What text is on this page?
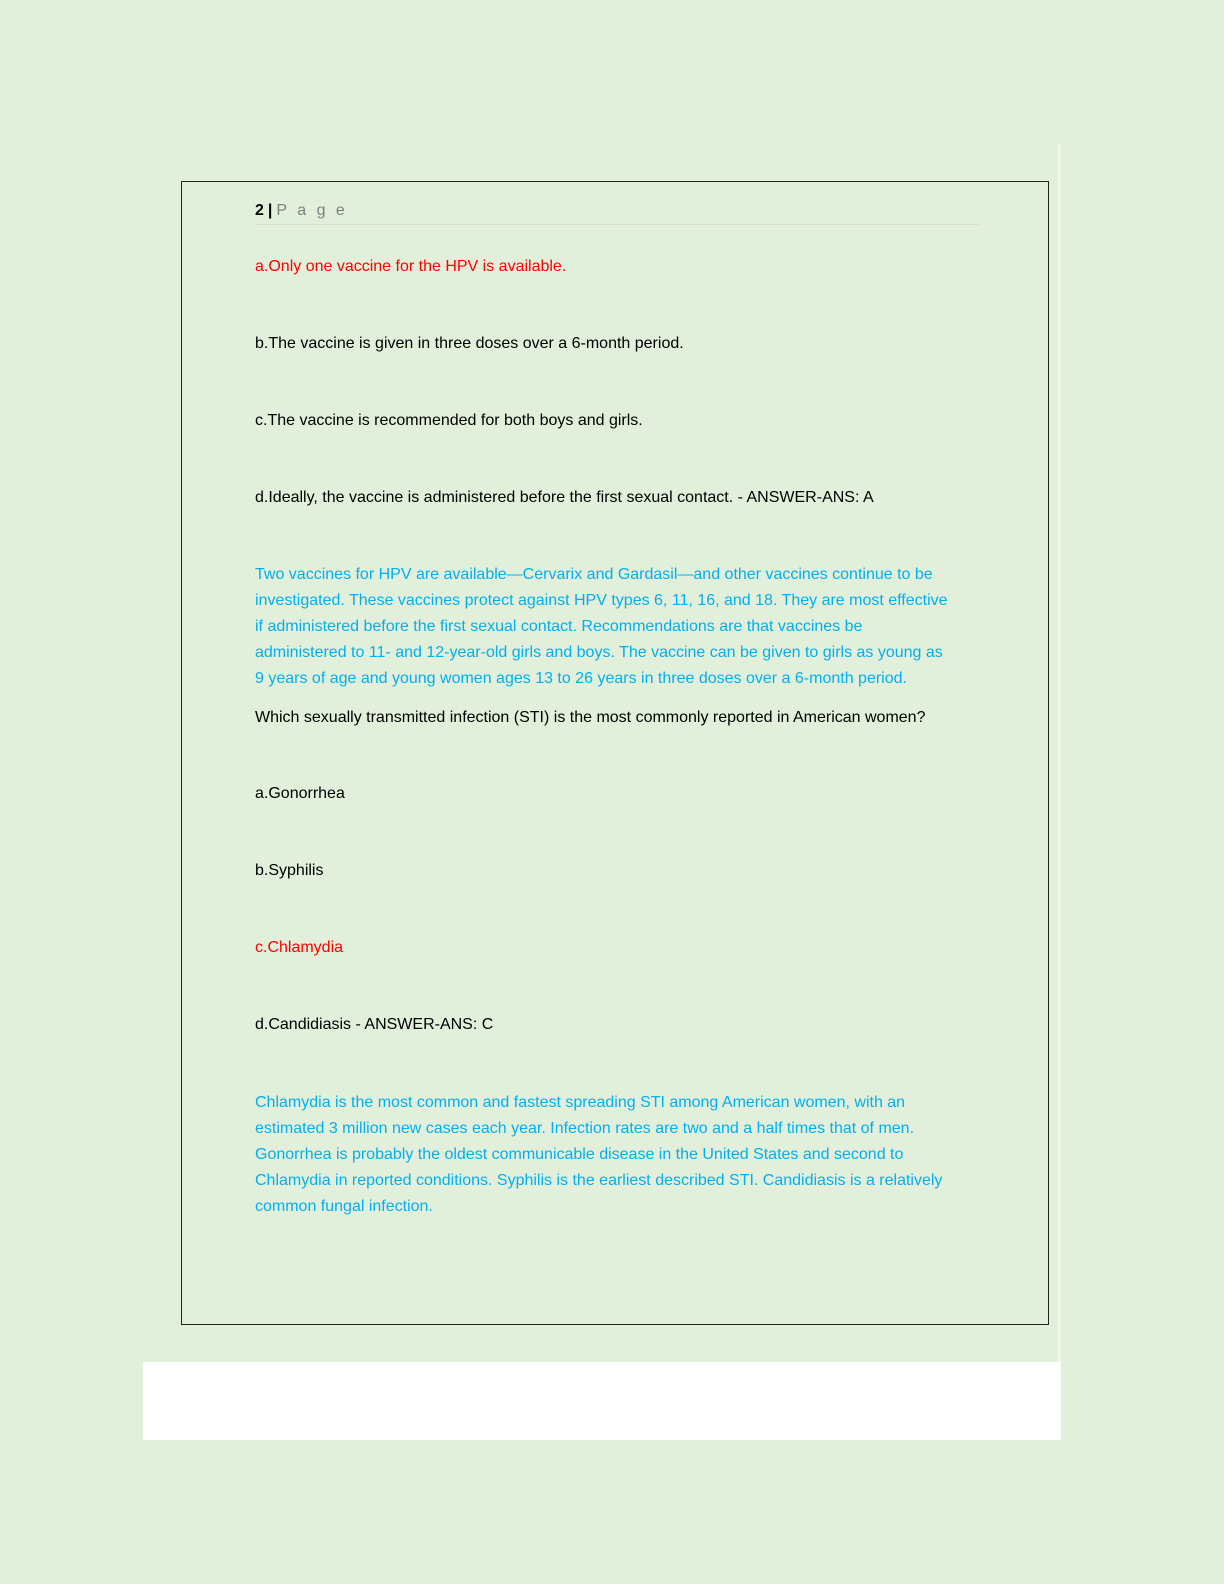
2 | P a g e
a.Only one vaccine for the HPV is available.
b.The vaccine is given in three doses over a 6-month period.
c.The vaccine is recommended for both boys and girls.
d.Ideally, the vaccine is administered before the first sexual contact. - ANSWER-ANS: A
Two vaccines for HPV are available—Cervarix and Gardasil—and other vaccines continue to be
investigated. These vaccines protect against HPV types 6, 11, 16, and 18. They are most effective
if administered before the first sexual contact. Recommendations are that vaccines be
administered to 11- and 12-year-old girls and boys. The vaccine can be given to girls as young as
9 years of age and young women ages 13 to 26 years in three doses over a 6-month period.
Which sexually transmitted infection (STI) is the most commonly reported in American women?
a.Gonorrhea
b.Syphilis
c.Chlamydia
d.Candidiasis - ANSWER-ANS: C
Chlamydia is the most common and fastest spreading STI among American women, with an
estimated 3 million new cases each year. Infection rates are two and a half times that of men.
Gonorrhea is probably the oldest communicable disease in the United States and second to
Chlamydia in reported conditions. Syphilis is the earliest described STI. Candidiasis is a relatively
common fungal infection.
